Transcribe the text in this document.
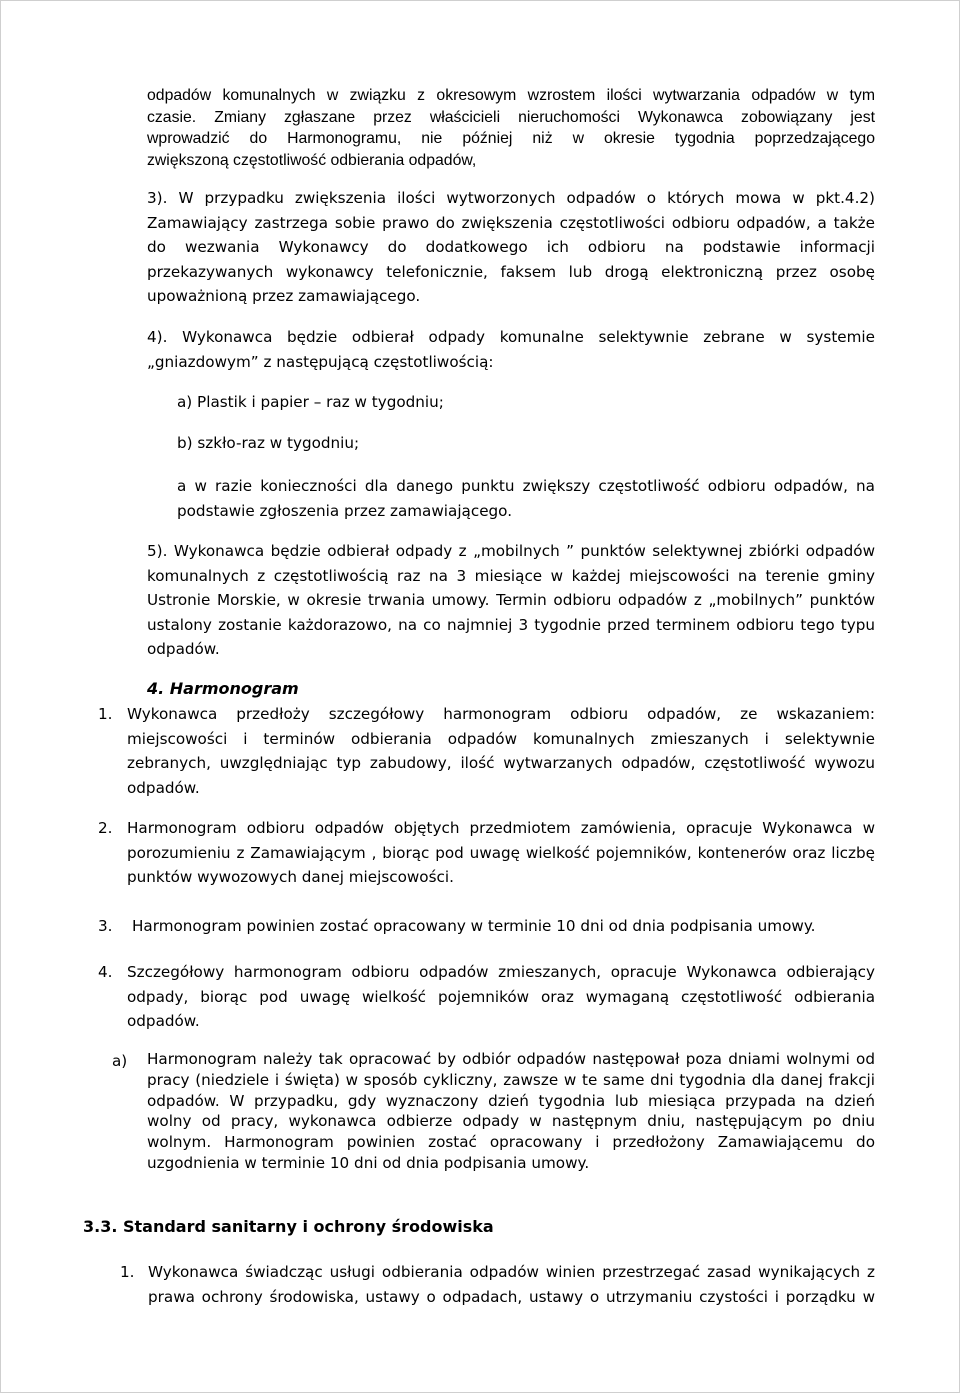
odpadów komunalnych w związku z okresowym wzrostem ilości wytwarzania odpadów w tym
czasie. Zmiany zgłaszane przez właścicieli nieruchomości Wykonawca zobowiązany jest
wprowadzić do Harmonogramu, nie później niż w okresie tygodnia poprzedzającego
zwiększoną częstotliwość odbierania odpadów,
3). W przypadku zwiększenia ilości wytworzonych odpadów o których mowa w pkt.4.2)
Zamawiający zastrzega sobie prawo do zwiększenia częstotliwości odbioru odpadów, a także
do wezwania Wykonawcy do dodatkowego ich odbioru na podstawie informacji
przekazywanych wykonawcy telefonicznie, faksem lub drogą elektroniczną przez osobę
upoważnioną przez zamawiającego.
4). Wykonawca będzie odbierał odpady komunalne selektywnie zebrane w systemie
„gniazdowym” z następującą częstotliwością:
a) Plastik i papier – raz w tygodniu;
b) szkło-raz w tygodniu;
a w razie konieczności dla danego punktu zwiększy częstotliwość odbioru odpadów, na
podstawie zgłoszenia przez zamawiającego.
5). Wykonawca będzie odbierał odpady z „mobilnych ” punktów selektywnej zbiórki odpadów
komunalnych z częstotliwością raz na 3 miesiące w każdej miejscowości na terenie gminy
Ustronie Morskie, w okresie trwania umowy. Termin odbioru odpadów z „mobilnych” punktów
ustalony zostanie każdorazowo, na co najmniej 3 tygodnie przed terminem odbioru tego typu
odpadów.
4. Harmonogram
1. Wykonawca przedłoży szczegółowy harmonogram odbioru odpadów, ze wskazaniem:
miejscowości i terminów odbierania odpadów komunalnych zmieszanych i selektywnie
zebranych, uwzględniając typ zabudowy, ilość wytwarzanych odpadów, częstotliwość wywozu
odpadów.
2. Harmonogram odbioru odpadów objętych przedmiotem zamówienia, opracuje Wykonawca w
porozumieniu z Zamawiającym , biorąc pod uwagę wielkość pojemników, kontenerów oraz liczbę
punktów wywozowych danej miejscowości.
3. Harmonogram powinien zostać opracowany w terminie 10 dni od dnia podpisania umowy.
4. Szczegółowy harmonogram odbioru odpadów zmieszanych, opracuje Wykonawca odbierający
odpady, biorąc pod uwagę wielkość pojemników oraz wymaganą częstotliwość odbierania
odpadów.
a) Harmonogram należy tak opracować by odbiór odpadów następował poza dniami wolnymi od
pracy (niedziele i święta) w sposób cykliczny, zawsze w te same dni tygodnia dla danej frakcji
odpadów. W przypadku, gdy wyznaczony dzień tygodnia lub miesiąca przypada na dzień
wolny od pracy, wykonawca odbierze odpady w następnym dniu, następującym po dniu
wolnym. Harmonogram powinien zostać opracowany i przedłożony Zamawiającemu do
uzgodnienia w terminie 10 dni od dnia podpisania umowy.
3.3. Standard sanitarny i ochrony środowiska
1. Wykonawca świadcząc usługi odbierania odpadów winien przestrzegać zasad wynikających z
prawa ochrony środowiska, ustawy o odpadach, ustawy o utrzymaniu czystości i porządku w
